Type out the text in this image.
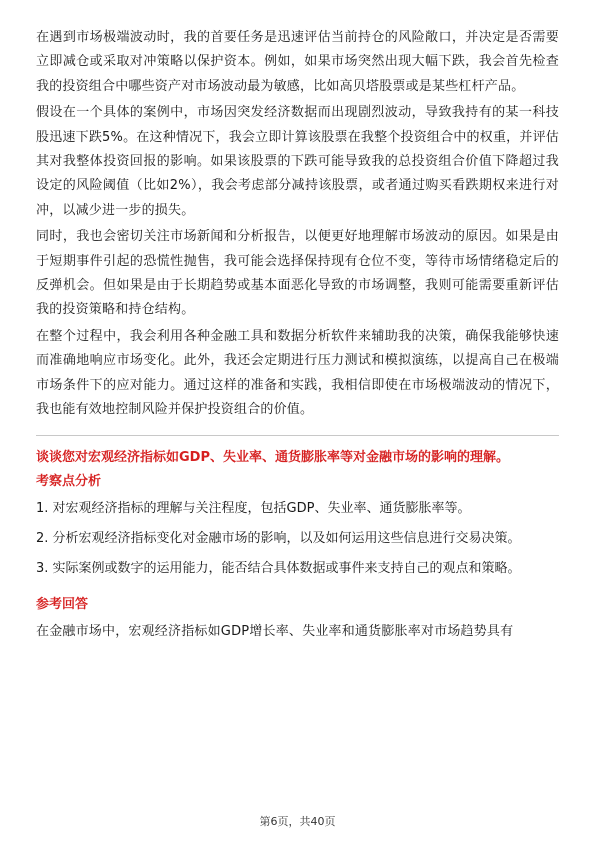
在遇到市场极端波动时，我的首要任务是迅速评估当前持仓的风险敞口，并决定是否需要立即减仓或采取对冲策略以保护资本。例如，如果市场突然出现大幅下跌，我会首先检查我的投资组合中哪些资产对市场波动最为敏感，比如高贝塔股票或是某些杠杆产品。

假设在一个具体的案例中，市场因突发经济数据而出现剧烈波动，导致我持有的某一科技股迅速下跌5%。在这种情况下，我会立即计算该股票在我整个投资组合中的权重，并评估其对我整体投资回报的影响。如果该股票的下跌可能导致我的总投资组合价值下降超过我设定的风险阈值（比如2%），我会考虑部分减持该股票，或者通过购买看跌期权来进行对冲，以减少进一步的损失。

同时，我也会密切关注市场新闻和分析报告，以便更好地理解市场波动的原因。如果是由于短期事件引起的恐慌性抛售，我可能会选择保持现有仓位不变，等待市场情绪稳定后的反弹机会。但如果是由于长期趋势或基本面恶化导致的市场调整，我则可能需要重新评估我的投资策略和持仓结构。

在整个过程中，我会利用各种金融工具和数据分析软件来辅助我的决策，确保我能够快速而准确地响应市场变化。此外，我还会定期进行压力测试和模拟演练，以提高自己在极端市场条件下的应对能力。通过这样的准备和实践，我相信即使在市场极端波动的情况下，我也能有效地控制风险并保护投资组合的价值。

谈谈您对宏观经济指标如GDP、失业率、通货膨胀率等对金融市场的影响的理解。

考察点分析

1. 对宏观经济指标的理解与关注程度，包括GDP、失业率、通货膨胀率等。

2. 分析宏观经济指标变化对金融市场的影响，以及如何运用这些信息进行交易决策。

3. 实际案例或数字的运用能力，能否结合具体数据或事件来支持自己的观点和策略。

参考回答

在金融市场中，宏观经济指标如GDP增长率、失业率和通货膨胀率对市场趋势具有

第6页，共40页
